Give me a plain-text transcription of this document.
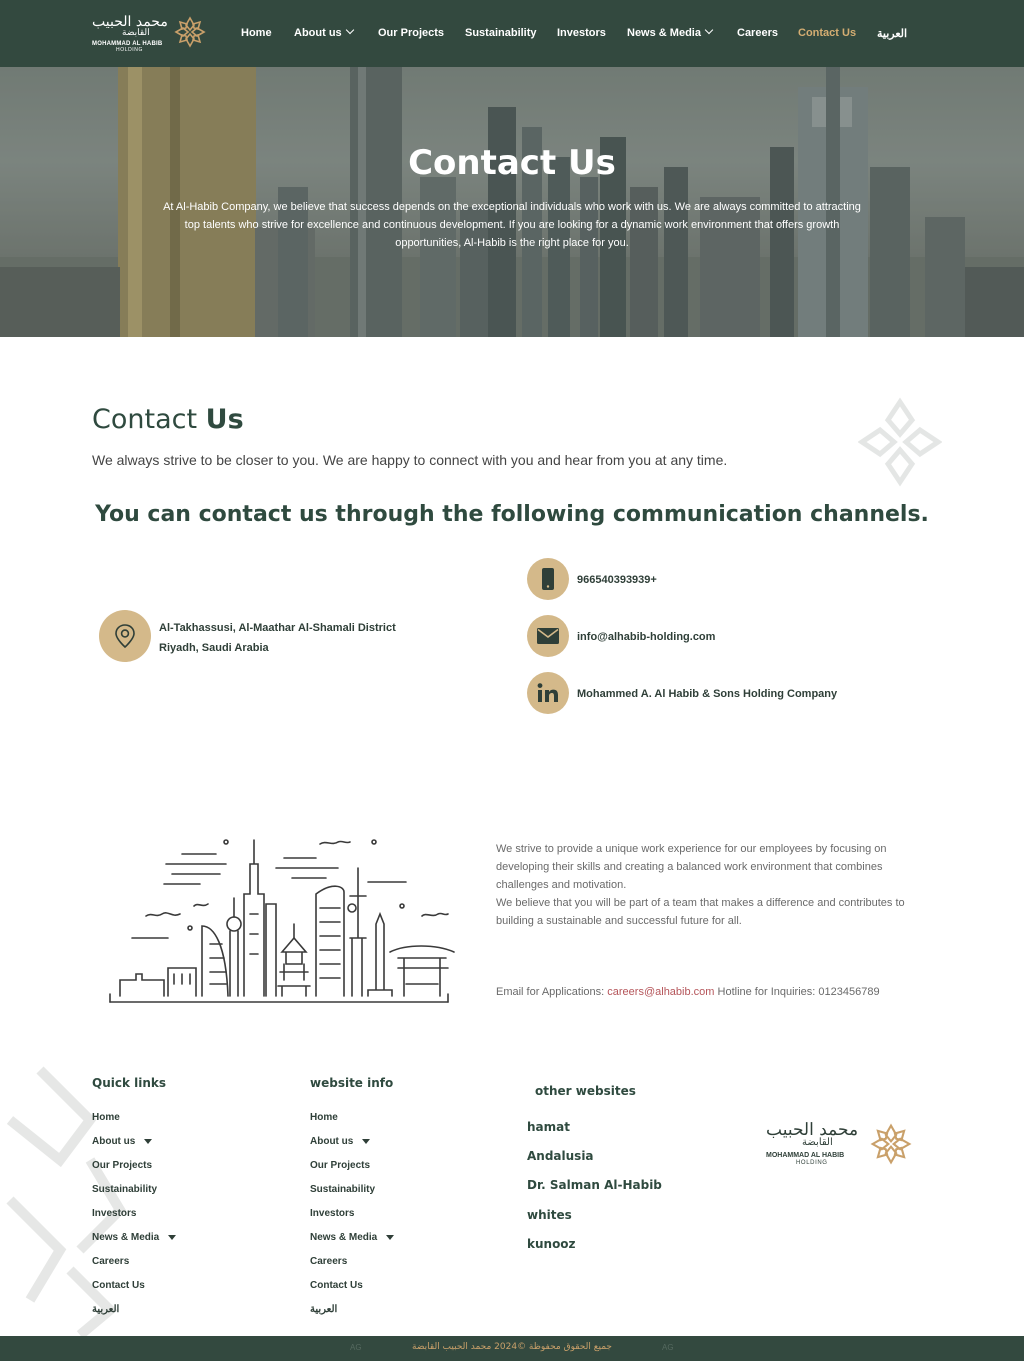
محمد الحبيب
القابضة
MOHAMMAD AL HABIB
HOLDING
Home About us	Our Projects Sustainability Investors News & Media	Careers Contact Us العربية
Contact Us

At Al-Habib Company, we believe that success depends on the exceptional individuals who work with us. We are always committed to attracting top talents who strive for excellence and continuous development. If you are looking for a dynamic work environment that offers growth opportunities, Al-Habib is the right place for you.

Contact Us

We always strive to be closer to you. We are happy to connect with you and hear from you at any time.

You can contact us through the following communication channels.
Al-Takhassusi, Al-Maathar Al-Shamali District
Riyadh, Saudi Arabia
966540393939+
info@alhabib-holding.com
Mohammed A. Al Habib & Sons Holding Company

We strive to provide a unique work experience for our employees by focusing on developing their skills and creating a balanced work environment that combines challenges and motivation.

We believe that you will be part of a team that makes a difference and contributes to building a sustainable and successful future for all.

Email for Applications: careers@alhabib.com Hotline for Inquiries: 0123456789
Quick links
Home
About us
Our Projects
Sustainability
Investors
News & Media
Careers
Contact Us
العربية
website info
Home
About us
Our Projects
Sustainability
Investors
News & Media
Careers
Contact Us
العربية
other websites
hamat
Andalusia
Dr. Salman Al-Habib
whites
kunooz
محمد الحبيب
القابضة
MOHAMMAD AL HABIB
HOLDING
AG	جميع الحقوق محفوظة ©2024 محمد الحبيب القابضة	AG
